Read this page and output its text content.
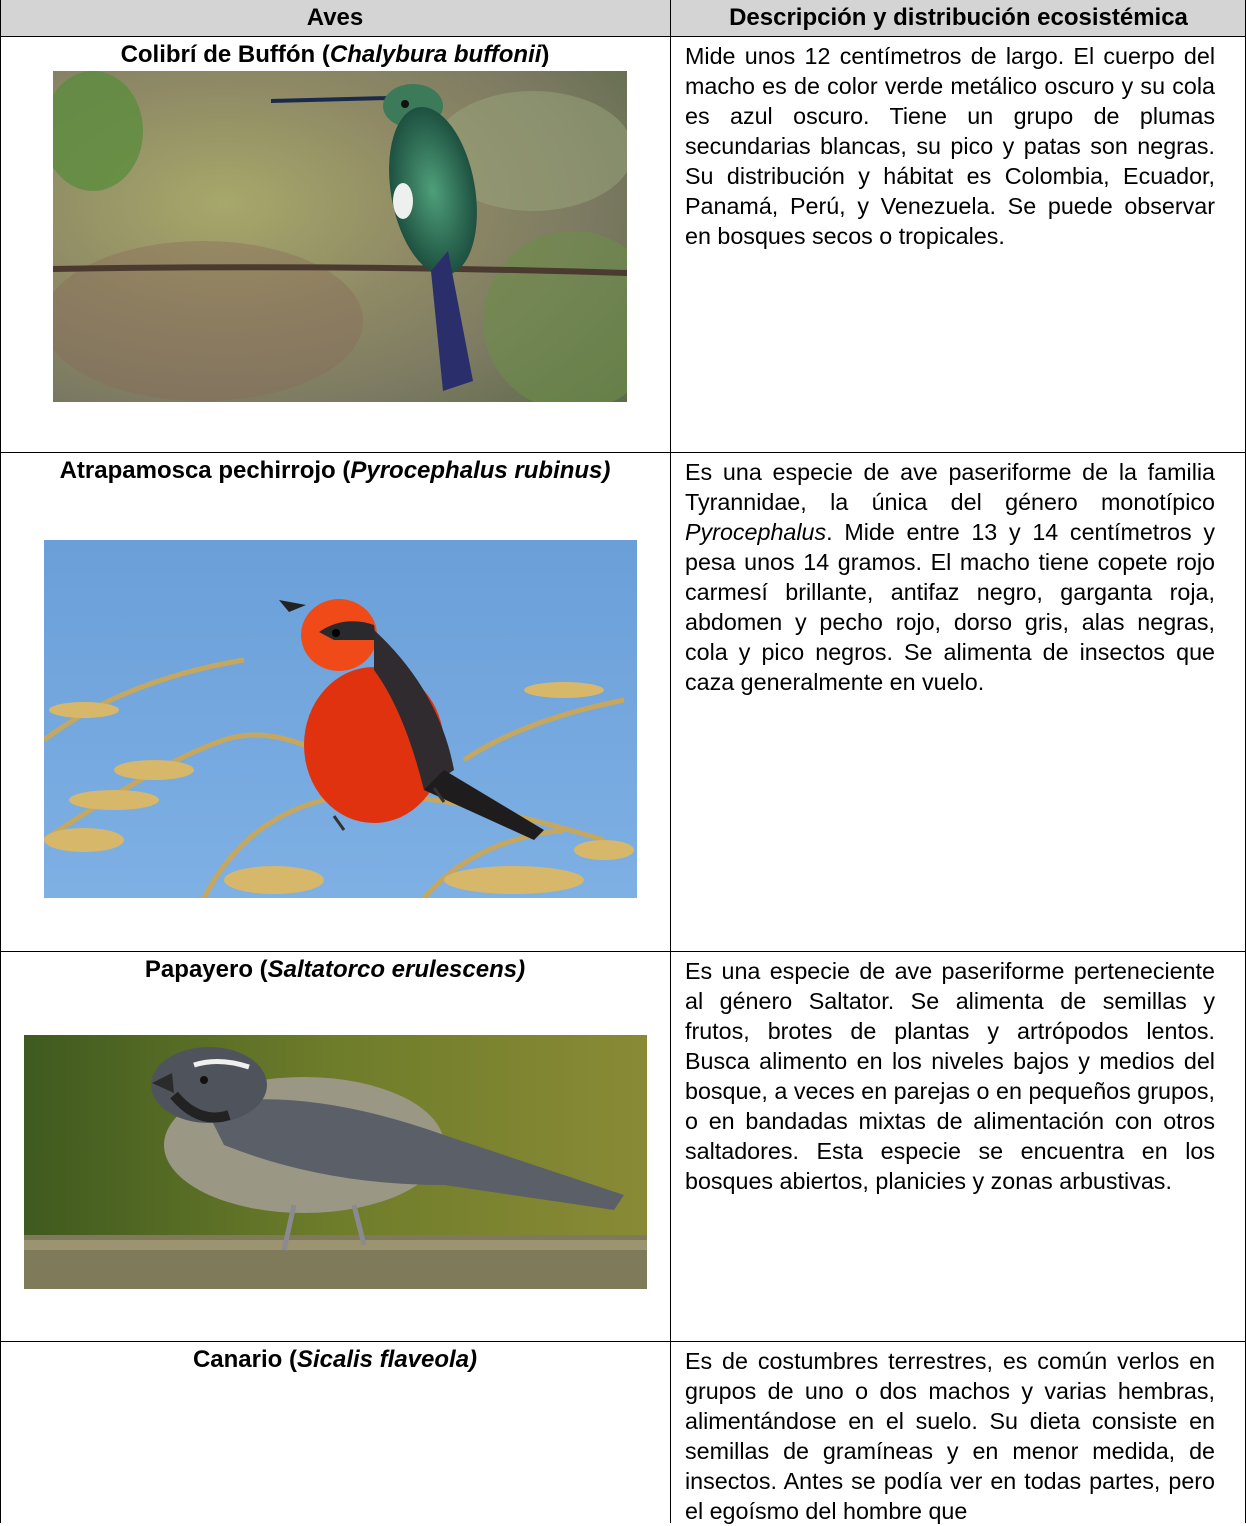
Aves	Descripción y distribución ecosistémica
Colibrí de Buffón (Chalybura buffonii)	Mide unos 12 centímetros de largo. El cuerpo del macho es de color verde metálico oscuro y su cola es azul oscuro. Tiene un grupo de plumas secundarias blancas, su pico y patas son negras. Su distribución y hábitat es Colombia, Ecuador, Panamá, Perú, y Venezuela. Se puede observar en bosques secos o tropicales.

Atrapamosca pechirrojo (Pyrocephalus rubinus)	Es una especie de ave paseriforme de la familia Tyrannidae, la única del género monotípico Pyrocephalus. Mide entre 13 y 14 centímetros y pesa unos 14 gramos. El macho tiene copete rojo carmesí brillante, antifaz negro, garganta roja, abdomen y pecho rojo, dorso gris, alas negras, cola y pico negros. Se alimenta de insectos que caza generalmente en vuelo.

Papayero (Saltatorco erulescens)	Es una especie de ave paseriforme perteneciente al género Saltator. Se alimenta de semillas y frutos, brotes de plantas y artrópodos lentos. Busca alimento en los niveles bajos y medios del bosque, a veces en parejas o en pequeños grupos, o en bandadas mixtas de alimentación con otros saltadores. Esta especie se encuentra en los bosques abiertos, planicies y zonas arbustivas.

Canario (Sicalis flaveola)	Es de costumbres terrestres, es común verlos en grupos de uno o dos machos y varias hembras, alimentándose en el suelo. Su dieta consiste en semillas de gramíneas y en menor medida, de insectos. Antes se podía ver en todas partes, pero el egoísmo del hombre que
